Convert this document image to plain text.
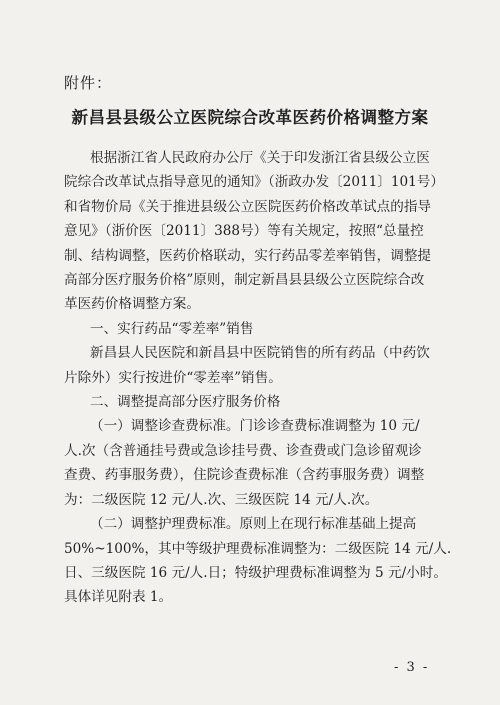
附件：
新昌县县级公立医院综合改革医药价格调整方案
根据浙江省人民政府办公厅《关于印发浙江省县级公立医
院综合改革试点指导意见的通知》（浙政办发〔2011〕101号）
和省物价局《关于推进县级公立医院医药价格改革试点的指导
意见》（浙价医〔2011〕388号）等有关规定，按照“总量控
制、结构调整，医药价格联动，实行药品零差率销售，调整提
高部分医疗服务价格”原则，制定新昌县县级公立医院综合改
革医药价格调整方案。
一、实行药品“零差率”销售
新昌县人民医院和新昌县中医院销售的所有药品（中药饮
片除外）实行按进价“零差率”销售。
二、调整提高部分医疗服务价格
（一）调整诊查费标准。门诊诊查费标准调整为 10 元/
人.次（含普通挂号费或急诊挂号费、诊查费或门急诊留观诊
查费、药事服务费），住院诊查费标准（含药事服务费）调整
为：二级医院 12 元/人.次、三级医院 14 元/人.次。
（二）调整护理费标准。原则上在现行标准基础上提高
50%~100%，其中等级护理费标准调整为：二级医院 14 元/人.
日、三级医院 16 元/人.日；特级护理费标准调整为 5 元/小时。
具体详见附表 1。
- 3 -
